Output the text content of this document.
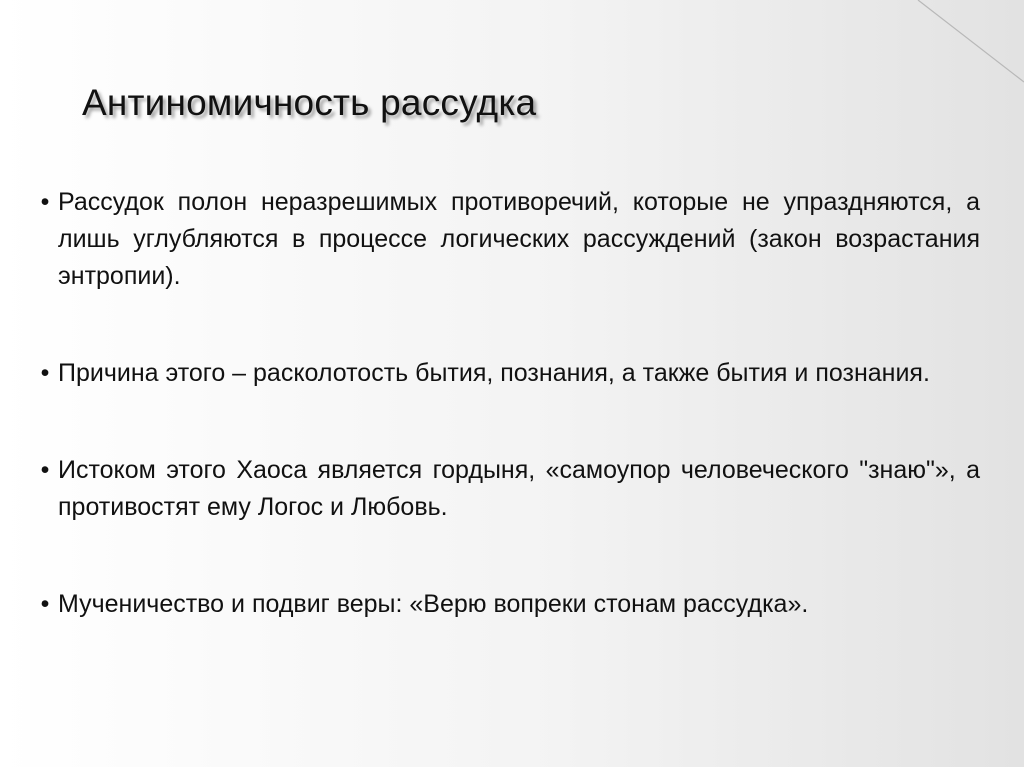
Антиномичность рассудка
• Рассудок полон неразрешимых противоречий, которые не упраздняются, а лишь углубляются в процессе логических рассуждений (закон возрастания энтропии).
• Причина этого – расколотость бытия, познания, а также бытия и познания.
• Истоком этого Хаоса является гордыня, «самоупор человеческого "знаю"», а противостят ему Логос и Любовь.
• Мученичество и подвиг веры: «Верю вопреки стонам рассудка».
